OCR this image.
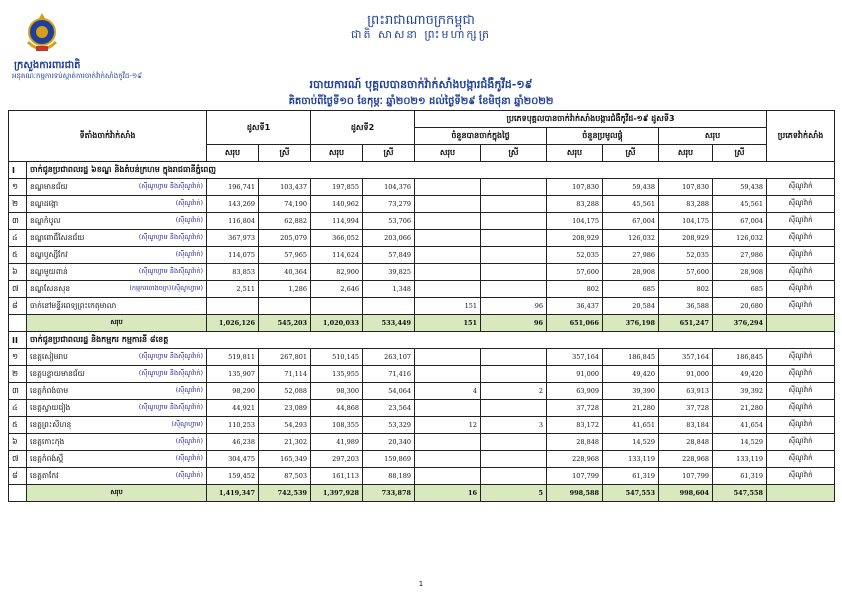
ក្រសួងការពារជាតិ
អនុគណៈកម្មការទប់ស្កាត់ការចាក់វ៉ាក់សាំងកូវីដ-១៩
ព្រះរាជាណាចក្រកម្ពុជា
ជាតិ សាសនា ព្រះមហាក្សត្រ
របាយការណ៍ បុគ្គលបានចាក់វ៉ាក់សាំងបង្ការជំងឺកូវីដ-១៩
គិតចាប់ពីថ្ងៃទី១០ ខែកុម្ភៈ ឆ្នាំ២០២១ ដល់ថ្ងៃទី២៩ ខែមិថុនា ឆ្នាំ២០២២
ទីតាំងចាក់វ៉ាក់សាំង		ដូសទី1		ដូសទី2		ប្រភេទបុគ្គលបានចាក់វ៉ាក់សាំងបង្ការជំងឺកូវីដ-១៩ ដូសទី3						ប្រភេទវ៉ាក់សាំង
						ចំនួនបានចាក់ក្នុងថ្ងៃ		ចំនួនប្រមូលផ្តុំ		សរុប		
		សរុប	ស្រី	សរុប	ស្រី	សរុប	ស្រី	សរុប	ស្រី	សរុប	ស្រី	
I	ចាក់ជូនប្រជាពលរដ្ឋ ៦ខណ្ឌ និងតំបន់ក្រហម ក្នុងរាជធានីភ្នំពេញ											
១	ខណ្ឌមានជ័យ (ស៊ីណូហ្វាម និងស៊ីណូវ៉ាក់)	196,741	103,437	197,855	104,376			107,830	59,438	107,830	59,438	ស៊ីណូវ៉ាក់
២	ខណ្ឌដង្កោ (ស៊ីណូវ៉ាក់)	143,269	74,190	140,962	73,279			83,288	45,561	83,288	45,561	ស៊ីណូវ៉ាក់
៣	ខណ្ឌកំបូល (ស៊ីណូវ៉ាក់)	116,804	62,882	114,994	53,706			104,175	67,004	104,175	67,004	ស៊ីណូវ៉ាក់
៤	ខណ្ឌពោធិ៍សែនជ័យ (ស៊ីណូហ្វាម និងស៊ីណូវ៉ាក់)	367,973	205,079	366,052	203,066			208,929	126,032	208,929	126,032	ស៊ីណូវ៉ាក់
៥	ខណ្ឌឫស្សីកែវ (ស៊ីណូវ៉ាក់)	114,075	57,965	114,624	57,849			52,035	27,986	52,035	27,986	ស៊ីណូវ៉ាក់
៦	ខណ្ឌមួយពាន់ (ស៊ីណូហ្វាម និងស៊ីណូវ៉ាក់)	83,853	40,364	82,900	39,825			57,600	28,908	57,600	28,908	ស៊ីណូវ៉ាក់
៧	ខណ្ឌសែនសុខ (កម្មករចោងចក្រ)(ស៊ីណូហ្វាម)	2,511	1,286	2,646	1,348			802	685	802	685	ស៊ីណូវ៉ាក់
៨	ចាក់នៅមន្ទីរពេទ្យព្រះកេតុមាលា					151	96	36,437	20,584	36,588	20,680	ស៊ីណូវ៉ាក់
	សរុប	1,026,126	545,203	1,020,033	533,449	151	96	651,066	376,198	651,247	376,294	
II	ចាក់ជូនប្រជាពលរដ្ឋ និងកម្មករ កម្មការនី ៨ខេត្ត											
១	ខេត្តសៀមរាប (ស៊ីណូហ្វាម និងស៊ីណូវ៉ាក់)	519,811	267,801	510,145	263,107			357,164	186,845	357,164	186,845	ស៊ីណូវ៉ាក់
២	ខេត្តបន្ទាយមានជ័យ (ស៊ីណូហ្វាម និងស៊ីណូវ៉ាក់)	135,907	71,114	135,955	71,416			91,000	49,420	91,000	49,420	ស៊ីណូវ៉ាក់
៣	ខេត្តកំពង់ចាម (ស៊ីណូវ៉ាក់)	98,290	52,088	98,300	54,064	4	2	63,909	39,390	63,913	39,392	ស៊ីណូវ៉ាក់
៤	ខេត្តស្វាយរៀង (ស៊ីណូហ្វាម និងស៊ីណូវ៉ាក់)	44,921	23,089	44,868	23,564			37,728	21,280	37,728	21,280	ស៊ីណូវ៉ាក់
៥	ខេត្តព្រះសីហនុ (ស៊ីណូហ្វាម)	110,253	54,293	108,355	53,329	12	3	83,172	41,651	83,184	41,654	ស៊ីណូវ៉ាក់
៦	ខេត្តកោះកុង (ស៊ីណូវ៉ាក់)	46,238	21,302	41,989	20,340			28,848	14,529	28,848	14,529	ស៊ីណូវ៉ាក់
៧	ខេត្តកំពង់ស្ពឺ (ស៊ីណូវ៉ាក់)	304,475	165,349	297,203	159,869			228,968	133,119	228,968	133,119	ស៊ីណូវ៉ាក់
៨	ខេត្តតាកែវ (ស៊ីណូវ៉ាក់)	159,452	87,503	161,113	88,189			107,799	61,319	107,799	61,319	ស៊ីណូវ៉ាក់
	សរុប	1,419,347	742,539	1,397,928	733,878	16	5	998,588	547,553	998,604	547,558	
1
